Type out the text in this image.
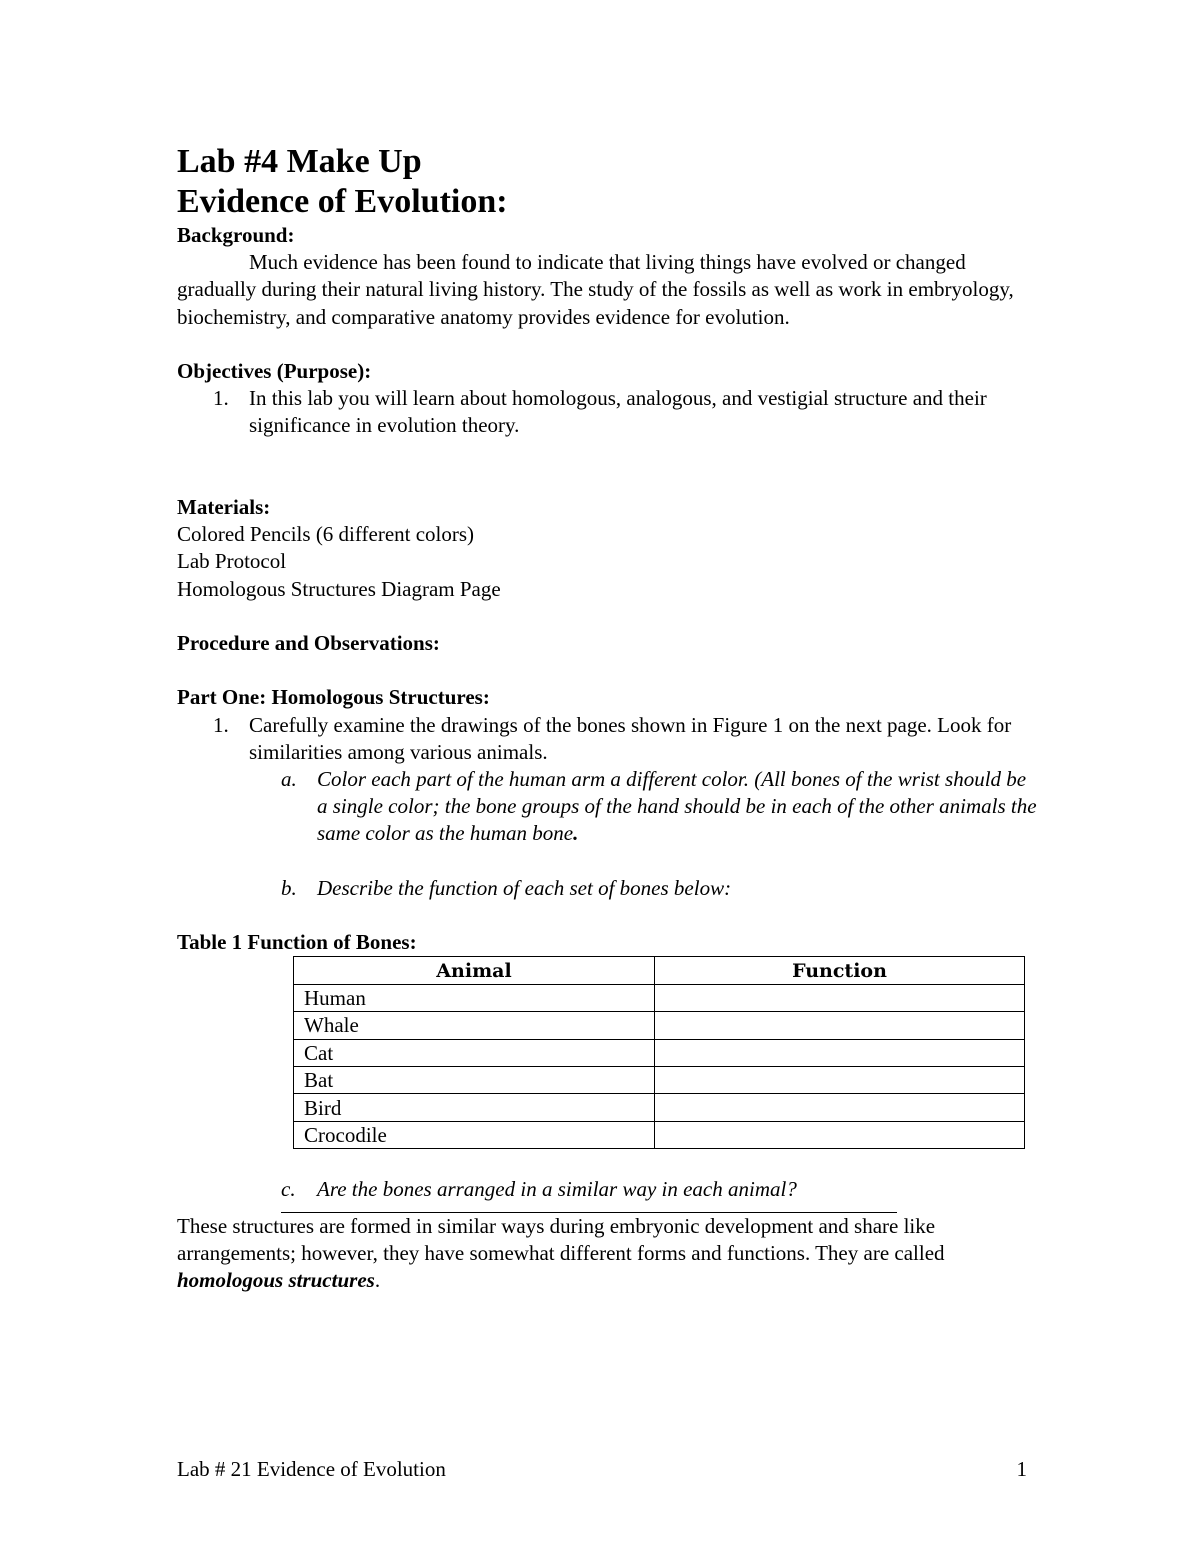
Lab #4 Make Up

Evidence of Evolution:

Background:

Much evidence has been found to indicate that living things have evolved or changed gradually during their natural living history. The study of the fossils as well as work in embryology, biochemistry, and comparative anatomy provides evidence for evolution.

Objectives (Purpose):

1. In this lab you will learn about homologous, analogous, and vestigial structure and their significance in evolution theory.

Materials:

Colored Pencils (6 different colors)

Lab Protocol

Homologous Structures Diagram Page

Procedure and Observations:

Part One: Homologous Structures:

1. Carefully examine the drawings of the bones shown in Figure 1 on the next page. Look for similarities among various animals.
a. Color each part of the human arm a different color. (All bones of the wrist should be a single color; the bone groups of the hand should be in each of the other animals the same color as the human bone.
b. Describe the function of each set of bones below:

Table 1 Function of Bones:

Animal	Function
Human	
Whale	
Cat	
Bat	
Bird	
Crocodile	
c.	Are the bones arranged in a similar way in each animal?

These structures are formed in similar ways during embryonic development and share like arrangements; however, they have somewhat different forms and functions. They are called homologous structures.

Lab # 21 Evidence of Evolution	1
